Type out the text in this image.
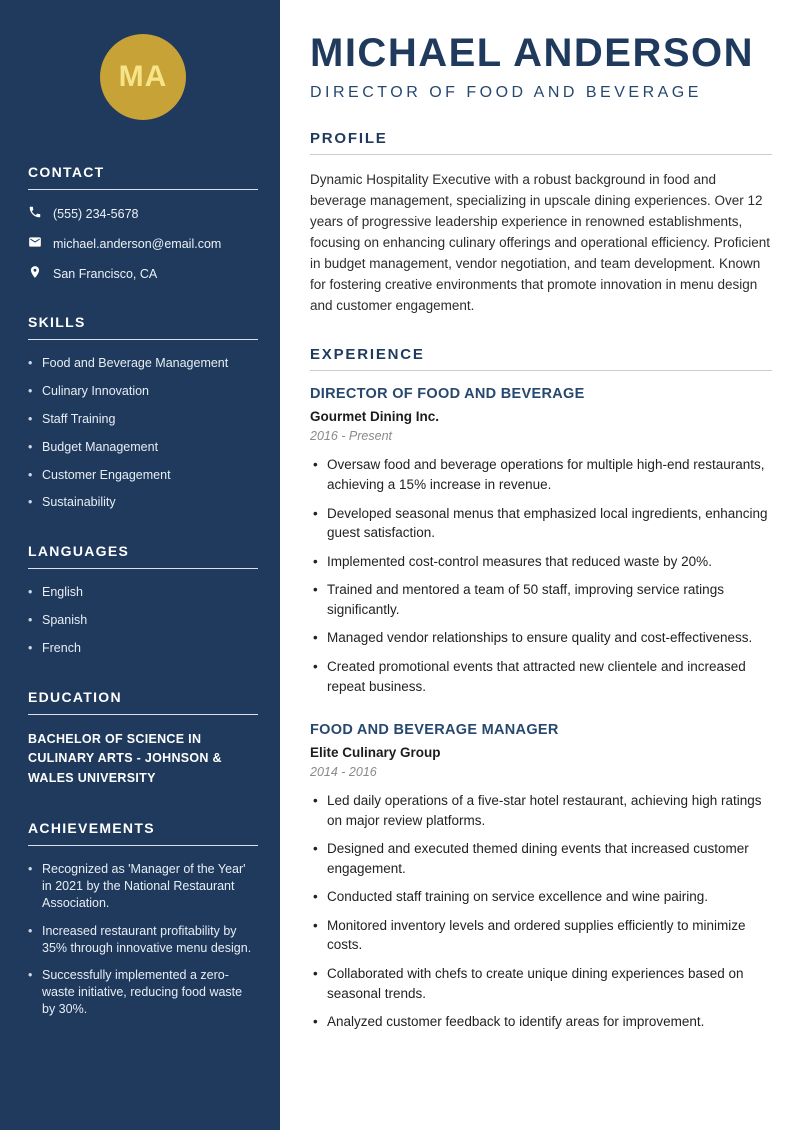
MA
CONTACT
(555) 234-5678
michael.anderson@email.com
San Francisco, CA
SKILLS
• Food and Beverage Management
• Culinary Innovation
• Staff Training
• Budget Management
• Customer Engagement
• Sustainability
LANGUAGES
• English
• Spanish
• French
EDUCATION
BACHELOR OF SCIENCE IN CULINARY ARTS - JOHNSON & WALES UNIVERSITY
ACHIEVEMENTS
• Recognized as 'Manager of the Year' in 2021 by the National Restaurant Association.
• Increased restaurant profitability by 35% through innovative menu design.
• Successfully implemented a zero-waste initiative, reducing food waste by 30%.
MICHAEL ANDERSON
DIRECTOR OF FOOD AND BEVERAGE
PROFILE

Dynamic Hospitality Executive with a robust background in food and beverage management, specializing in upscale dining experiences. Over 12 years of progressive leadership experience in renowned establishments, focusing on enhancing culinary offerings and operational efficiency. Proficient in budget management, vendor negotiation, and team development. Known for fostering creative environments that promote innovation in menu design and customer engagement.

EXPERIENCE
DIRECTOR OF FOOD AND BEVERAGE
Gourmet Dining Inc.
2016 - Present
• Oversaw food and beverage operations for multiple high-end restaurants, achieving a 15% increase in revenue.
• Developed seasonal menus that emphasized local ingredients, enhancing guest satisfaction.
• Implemented cost-control measures that reduced waste by 20%.
• Trained and mentored a team of 50 staff, improving service ratings significantly.
• Managed vendor relationships to ensure quality and cost-effectiveness.
• Created promotional events that attracted new clientele and increased repeat business.
FOOD AND BEVERAGE MANAGER
Elite Culinary Group
2014 - 2016
• Led daily operations of a five-star hotel restaurant, achieving high ratings on major review platforms.
• Designed and executed themed dining events that increased customer engagement.
• Conducted staff training on service excellence and wine pairing.
• Monitored inventory levels and ordered supplies efficiently to minimize costs.
• Collaborated with chefs to create unique dining experiences based on seasonal trends.
• Analyzed customer feedback to identify areas for improvement.
